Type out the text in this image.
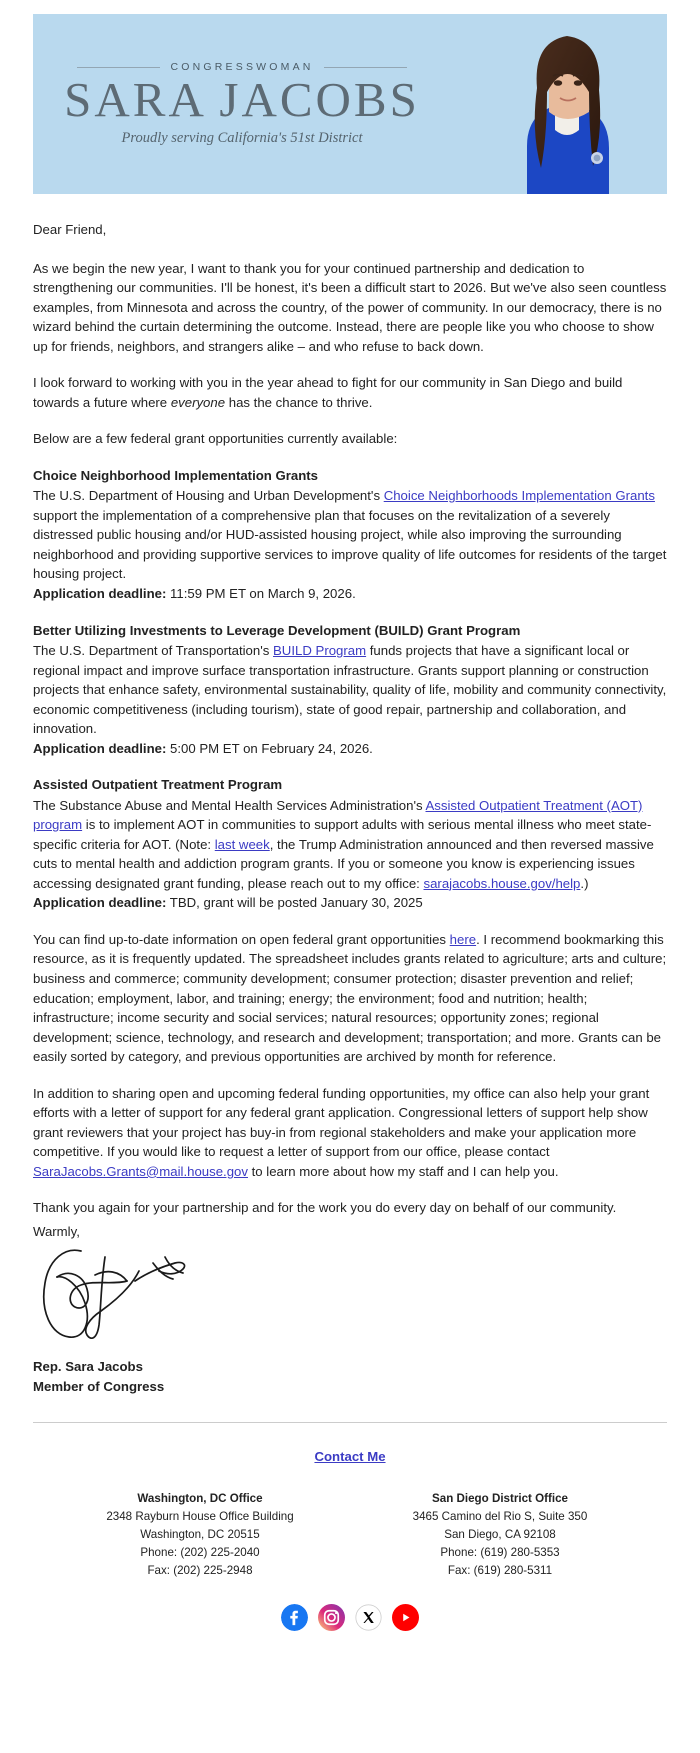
CONGRESSWOMAN
SARA JACOBS
Proudly serving California's 51st District

Dear Friend,

As we begin the new year, I want to thank you for your continued partnership and dedication to strengthening our communities. I'll be honest, it's been a difficult start to 2026. But we've also seen countless examples, from Minnesota and across the country, of the power of community. In our democracy, there is no wizard behind the curtain determining the outcome. Instead, there are people like you who choose to show up for friends, neighbors, and strangers alike – and who refuse to back down.

I look forward to working with you in the year ahead to fight for our community in San Diego and build towards a future where everyone has the chance to thrive.

Below are a few federal grant opportunities currently available:

Choice Neighborhood Implementation Grants

The U.S. Department of Housing and Urban Development's Choice Neighborhoods Implementation Grants support the implementation of a comprehensive plan that focuses on the revitalization of a severely distressed public housing and/or HUD-assisted housing project, while also improving the surrounding neighborhood and providing supportive services to improve quality of life outcomes for residents of the target housing project.

Application deadline: 11:59 PM ET on March 9, 2026.

Better Utilizing Investments to Leverage Development (BUILD) Grant Program

The U.S. Department of Transportation's BUILD Program funds projects that have a significant local or regional impact and improve surface transportation infrastructure. Grants support planning or construction projects that enhance safety, environmental sustainability, quality of life, mobility and community connectivity, economic competitiveness (including tourism), state of good repair, partnership and collaboration, and innovation.

Application deadline: 5:00 PM ET on February 24, 2026.

Assisted Outpatient Treatment Program

The Substance Abuse and Mental Health Services Administration's Assisted Outpatient Treatment (AOT) program is to implement AOT in communities to support adults with serious mental illness who meet state-specific criteria for AOT. (Note: last week, the Trump Administration announced and then reversed massive cuts to mental health and addiction program grants. If you or someone you know is experiencing issues accessing designated grant funding, please reach out to my office: sarajacobs.house.gov/help.)

Application deadline: TBD, grant will be posted January 30, 2025

You can find up-to-date information on open federal grant opportunities here. I recommend bookmarking this resource, as it is frequently updated. The spreadsheet includes grants related to agriculture; arts and culture; business and commerce; community development; consumer protection; disaster prevention and relief; education; employment, labor, and training; energy; the environment; food and nutrition; health; infrastructure; income security and social services; natural resources; opportunity zones; regional development; science, technology, and research and development; transportation; and more. Grants can be easily sorted by category, and previous opportunities are archived by month for reference.

In addition to sharing open and upcoming federal funding opportunities, my office can also help your grant efforts with a letter of support for any federal grant application. Congressional letters of support help show grant reviewers that your project has buy-in from regional stakeholders and make your application more competitive. If you would like to request a letter of support from our office, please contact SaraJacobs.Grants@mail.house.gov to learn more about how my staff and I can help you.

Thank you again for your partnership and for the work you do every day on behalf of our community.

Warmly,
Rep. Sara Jacobs
Member of Congress
Contact Me
Washington, DC Office
2348 Rayburn House Office Building
Washington, DC 20515
Phone: (202) 225-2040
Fax: (202) 225-2948
San Diego District Office
3465 Camino del Rio S, Suite 350
San Diego, CA 92108
Phone: (619) 280-5353
Fax: (619) 280-5311
